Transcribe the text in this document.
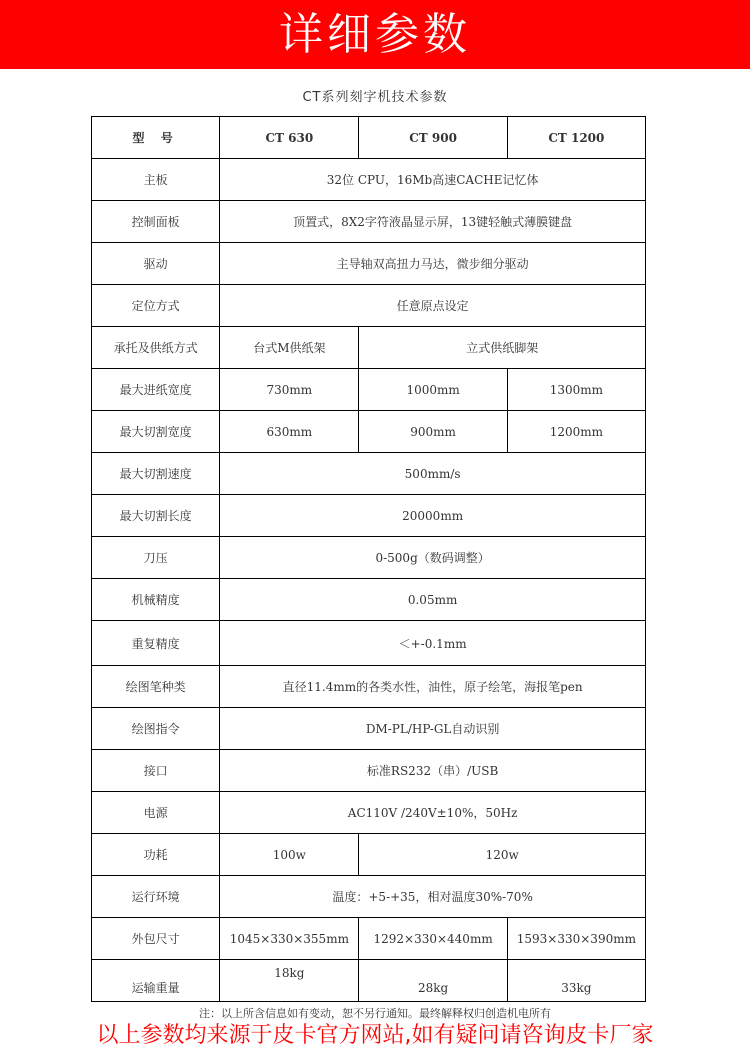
详细参数
CT系列刻字机技术参数
型 号	CT 630	CT 900	CT 1200
主板	32位 CPU，16Mb高速CACHE记忆体		
控制面板	顶置式，8X2字符液晶显示屏，13键轻触式薄膜键盘		
驱动	主导轴双高扭力马达，微步细分驱动		
定位方式	任意原点设定		
承托及供纸方式	台式M供纸架	立式供纸脚架	
最大进纸宽度	730mm	1000mm	1300mm
最大切割宽度	630mm	900mm	1200mm
最大切割速度	500mm/s		
最大切割长度	20000mm		
刀压	0-500g（数码调整）		
机械精度	0.05mm		
重复精度	＜+-0.1mm		
绘图笔种类	直径11.4mm的各类水性，油性，原子绘笔，海报笔pen		
绘图指令	DM-PL/HP-GL自动识别		
接口	标准RS232（串）/USB		
电源	AC110V /240V±10%，50Hz		
功耗	100w	120w	
运行环境	温度：+5-+35，相对温度30%-70%		
外包尺寸	1045×330×355mm	1292×330×440mm	1593×330×390mm
运输重量	18kg	28kg	33kg
注：以上所含信息如有变动，恕不另行通知。最终解释权归创造机电所有
以上参数均来源于皮卡官方网站,如有疑问请咨询皮卡厂家
